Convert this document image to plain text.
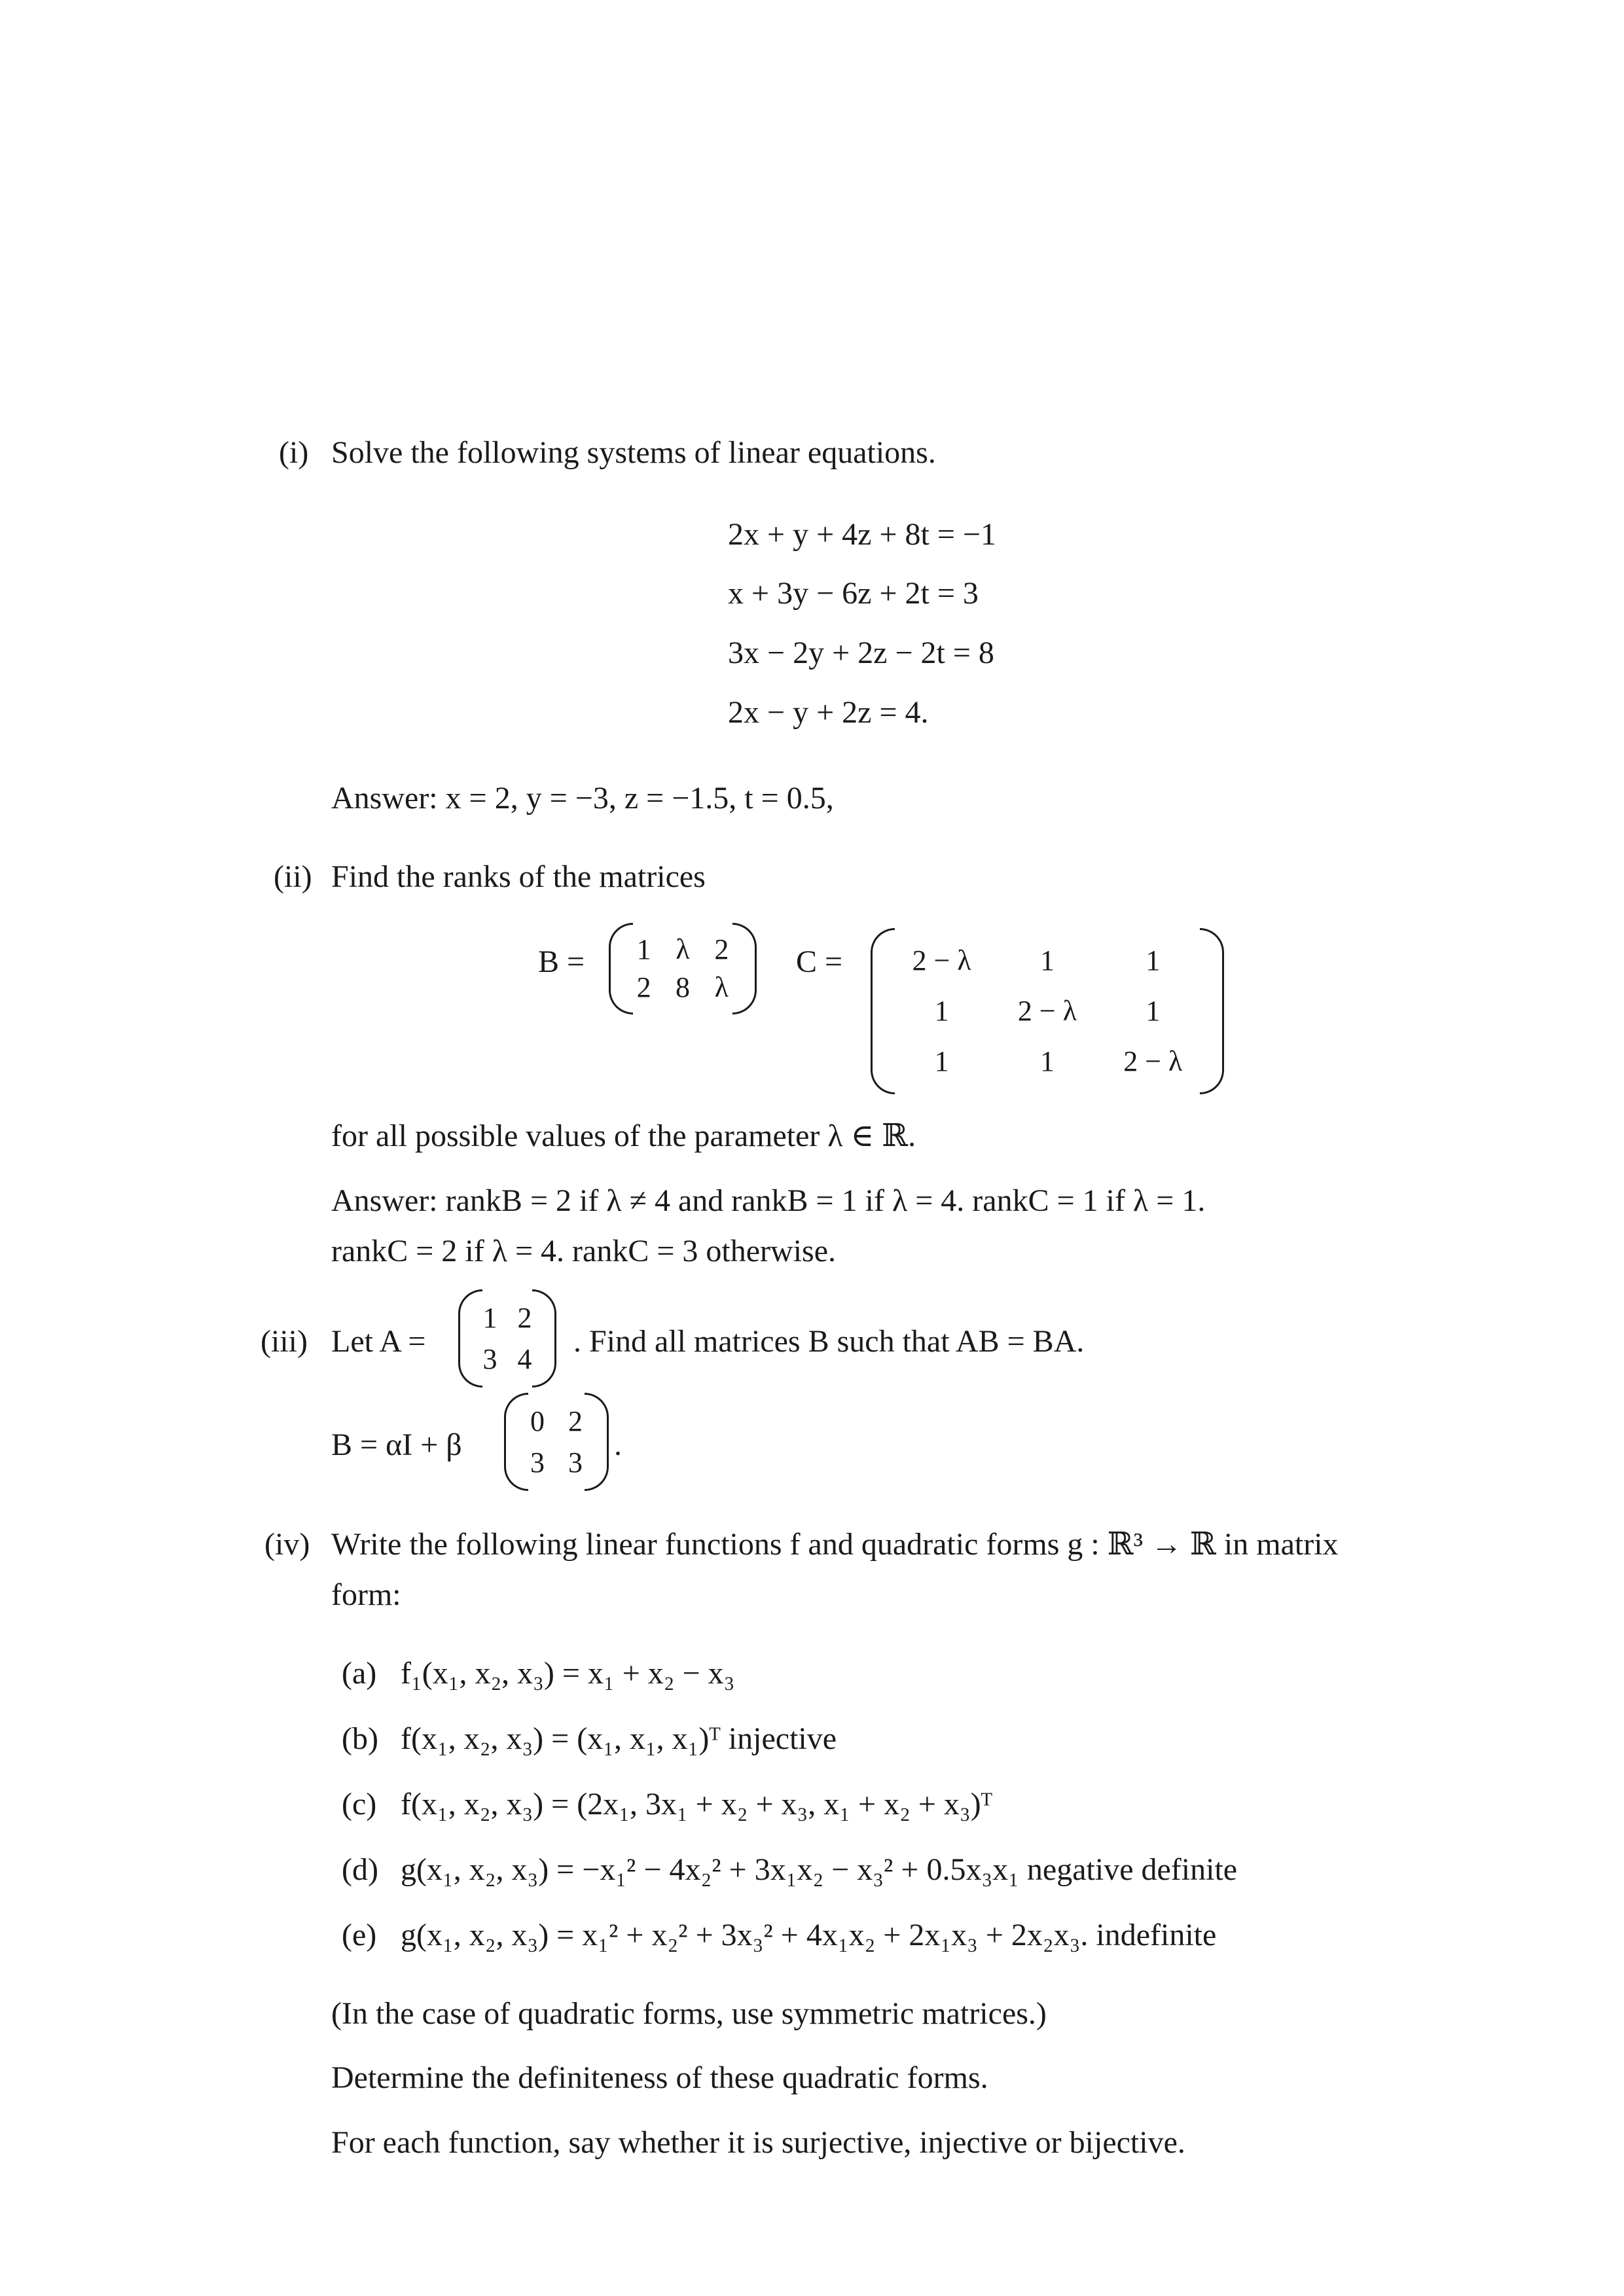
(i) Solve the following systems of linear equations.
2x + y + 4z + 8t = −1
x + 3y − 6z + 2t = 3
3x − 2y + 2z − 2t = 8
2x − y + 2z = 4.
Answer: x = 2, y = −3, z = −1.5, t = 0.5,
(ii) Find the ranks of the matrices
B = 1 λ 2
2 8 λ
C = 2 − λ 1	1
1 2 − λ 1
1	1 2 − λ
for all possible values of the parameter λ ∈ ℝ.
Answer: rankB = 2 if λ ≠ 4 and rankB = 1 if λ = 4. rankC = 1 if λ = 1.
rankC = 2 if λ = 4. rankC = 3 otherwise.
(iii) Let A =
1 2
3 4 . Find all matrices B such that AB = BA.
B = αI + β
0 2
3 3 .
(iv) Write the following linear functions f and quadratic forms g : ℝ³ → ℝ in matrix
form:
(a) f₁(x₁, x₂, x₃) = x₁ + x₂ − x₃
(b) f(x₁, x₂, x₃) = (x₁, x₁, x₁)ᵀ injective
(c) f(x₁, x₂, x₃) = (2x₁, 3x₁ + x₂ + x₃, x₁ + x₂ + x₃)ᵀ
(d) g(x₁, x₂, x₃) = −x₁² − 4x₂² + 3x₁x₂ − x₃² + 0.5x₃x₁ negative definite
(e) g(x₁, x₂, x₃) = x₁² + x₂² + 3x₃² + 4x₁x₂ + 2x₁x₃ + 2x₂x₃. indefinite
(In the case of quadratic forms, use symmetric matrices.)
Determine the definiteness of these quadratic forms.
For each function, say whether it is surjective, injective or bijective.
